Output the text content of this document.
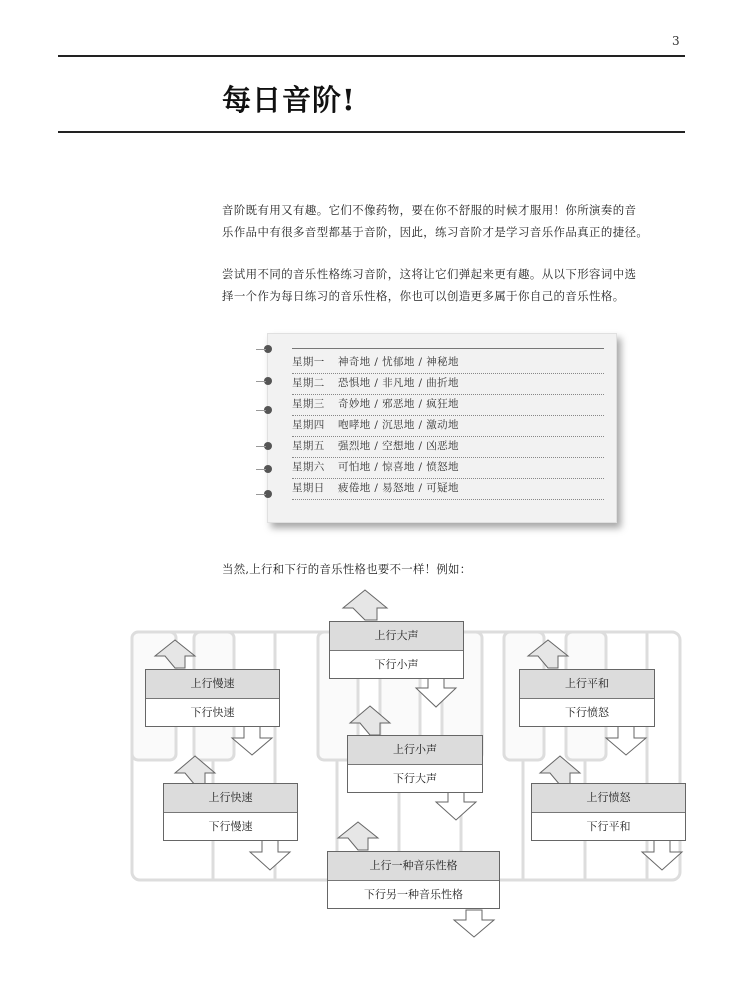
3
每日音阶!
音阶既有用又有趣。它们不像药物，要在你不舒服的时候才服用！你所演奏的音
乐作品中有很多音型都基于音阶，因此，练习音阶才是学习音乐作品真正的捷径。
尝试用不同的音乐性格练习音阶，这将让它们弹起来更有趣。从以下形容词中选
择一个作为每日练习的音乐性格，你也可以创造更多属于你自己的音乐性格。
星期一 神奇地 / 忧郁地 / 神秘地
星期二 恐惧地 / 非凡地 / 曲折地
星期三 奇妙地 / 邪恶地 / 疯狂地
星期四 咆哮地 / 沉思地 / 激动地
星期五 强烈地 / 空想地 / 凶恶地
星期六 可怕地 / 惊喜地 / 愤怒地
星期日 疲倦地 / 易怒地 / 可疑地
当然,上行和下行的音乐性格也要不一样！例如：
上行慢速
下行快速
上行大声
下行小声
上行平和
下行愤怒
上行小声
下行大声
上行快速
下行慢速
上行愤怒
下行平和
上行一种音乐性格
下行另一种音乐性格
